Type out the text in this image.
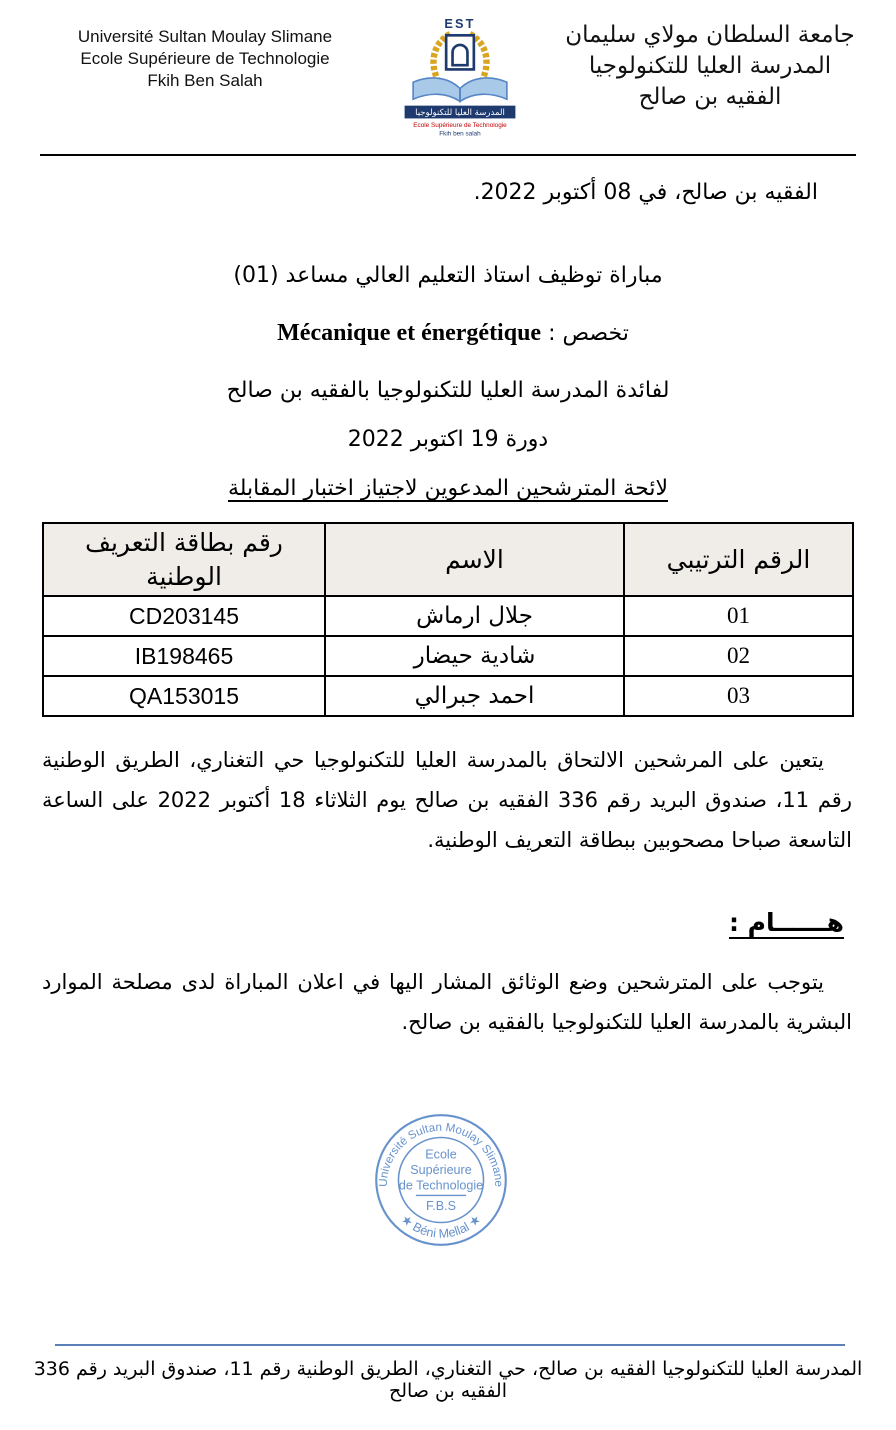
Université Sultan Moulay Slimane
Ecole Supérieure de Technologie
Fkih Ben Salah
EST
المدرسة العليا للتكنولوجيا
Ecole Supérieure de Technologie
Fkih ben salah
جامعة السلطان مولاي سليمان
المدرسة العليا للتكنولوجيا
الفقيه بن صالح
الفقيه بن صالح، في 08 أكتوبر 2022.
مباراة توظيف استاذ التعليم العالي مساعد (01)
تخصص : Mécanique et énergétique
لفائدة المدرسة العليا للتكنولوجيا بالفقيه بن صالح
دورة 19 اكتوبر 2022
لائحة المترشحين المدعوين لاجتياز اختبار المقابلة
الرقم الترتيبي	الاسم	رقم بطاقة التعريف الوطنية
01	جلال ارماش	CD203145
02	شادية حيضار	IB198465
03	احمد جبرالي	QA153015
يتعين على المرشحين الالتحاق بالمدرسة العليا للتكنولوجيا حي التغناري، الطريق الوطنية رقم 11، صندوق البريد رقم 336 الفقيه بن صالح يوم الثلاثاء 18 أكتوبر 2022 على الساعة التاسعة صباحا مصحوبين ببطاقة التعريف الوطنية.
هــــــام :
يتوجب على المترشحين وضع الوثائق المشار اليها في اعلان المباراة لدى مصلحة الموارد البشرية بالمدرسة العليا للتكنولوجيا بالفقيه بن صالح.
Université Sultan Moulay Slimane
★ Béni Mellal ★
Ecole
Supérieure
de Technologie
F.B.S
المدرسة العليا للتكنولوجيا الفقيه بن صالح، حي التغناري، الطريق الوطنية رقم 11، صندوق البريد رقم 336 الفقيه بن صالح
